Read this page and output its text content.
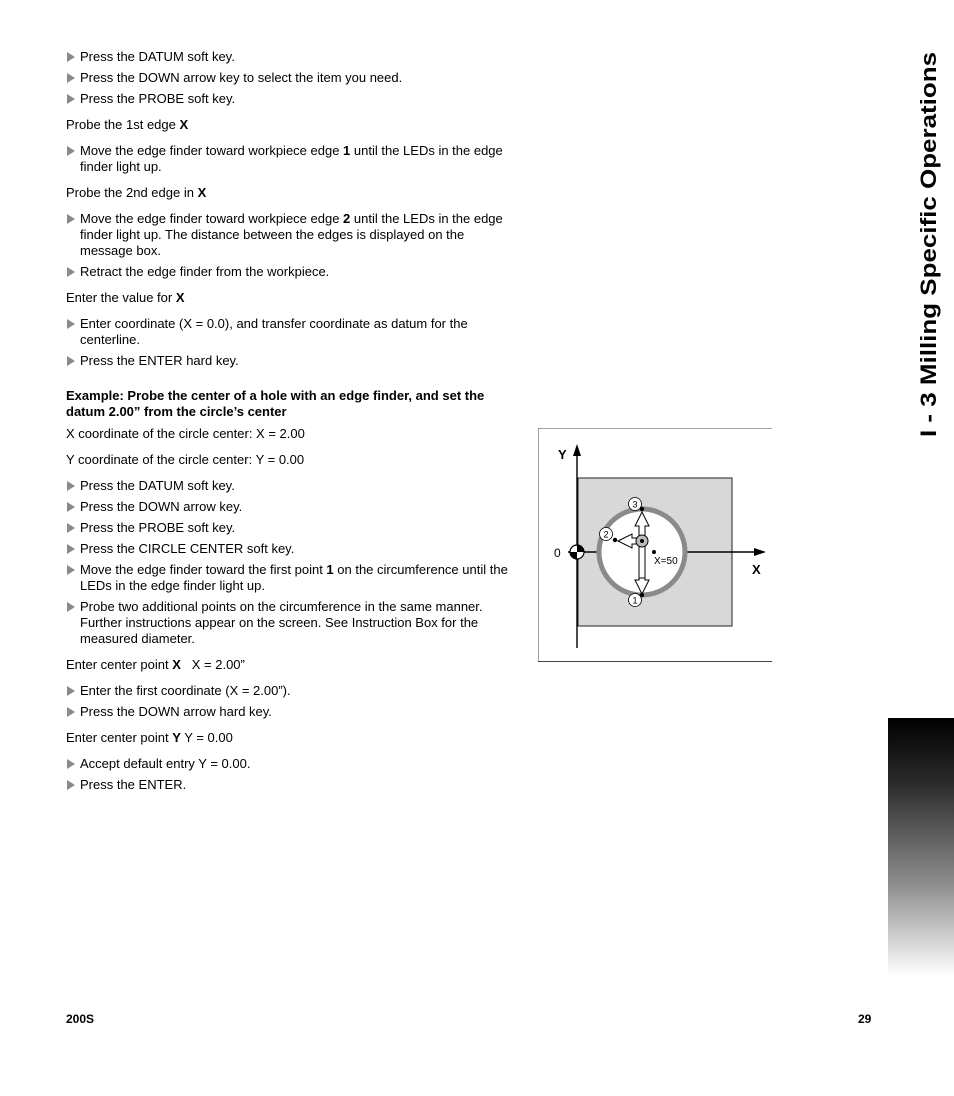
Press the DATUM soft key.
Press the DOWN arrow key to select the item you need.
Press the PROBE soft key.
Probe the 1st edge X
Move the edge finder toward workpiece edge 1 until the LEDs in the edge finder light up.
Probe the 2nd edge in X
Move the edge finder toward workpiece edge 2 until the LEDs in the edge finder light up. The distance between the edges is displayed on the message box.
Retract the edge finder from the workpiece.
Enter the value for X
Enter coordinate (X = 0.0), and transfer coordinate as datum for the centerline.
Press the ENTER hard key.
Example: Probe the center of a hole with an edge finder, and set the datum 2.00” from the circle’s center
X coordinate of the circle center: X = 2.00
Y coordinate of the circle center: Y = 0.00
Press the DATUM soft key.
Press the DOWN arrow key.
Press the PROBE soft key.
Press the CIRCLE CENTER soft key.
Move the edge finder toward the first point 1 on the circumference until the LEDs in the edge finder light up.
Probe two additional points on the circumference in the same manner. Further instructions appear on the screen. See Instruction Box for the measured diameter.
Enter center point X   X = 2.00”
Enter the first coordinate (X = 2.00”).
Press the DOWN arrow hard key.
Enter center point Y Y = 0.00
Accept default entry Y = 0.00.
Press the ENTER.
Y
X
0
X=50
3
2
1
I - 3 Milling Specific Operations
200S	29
